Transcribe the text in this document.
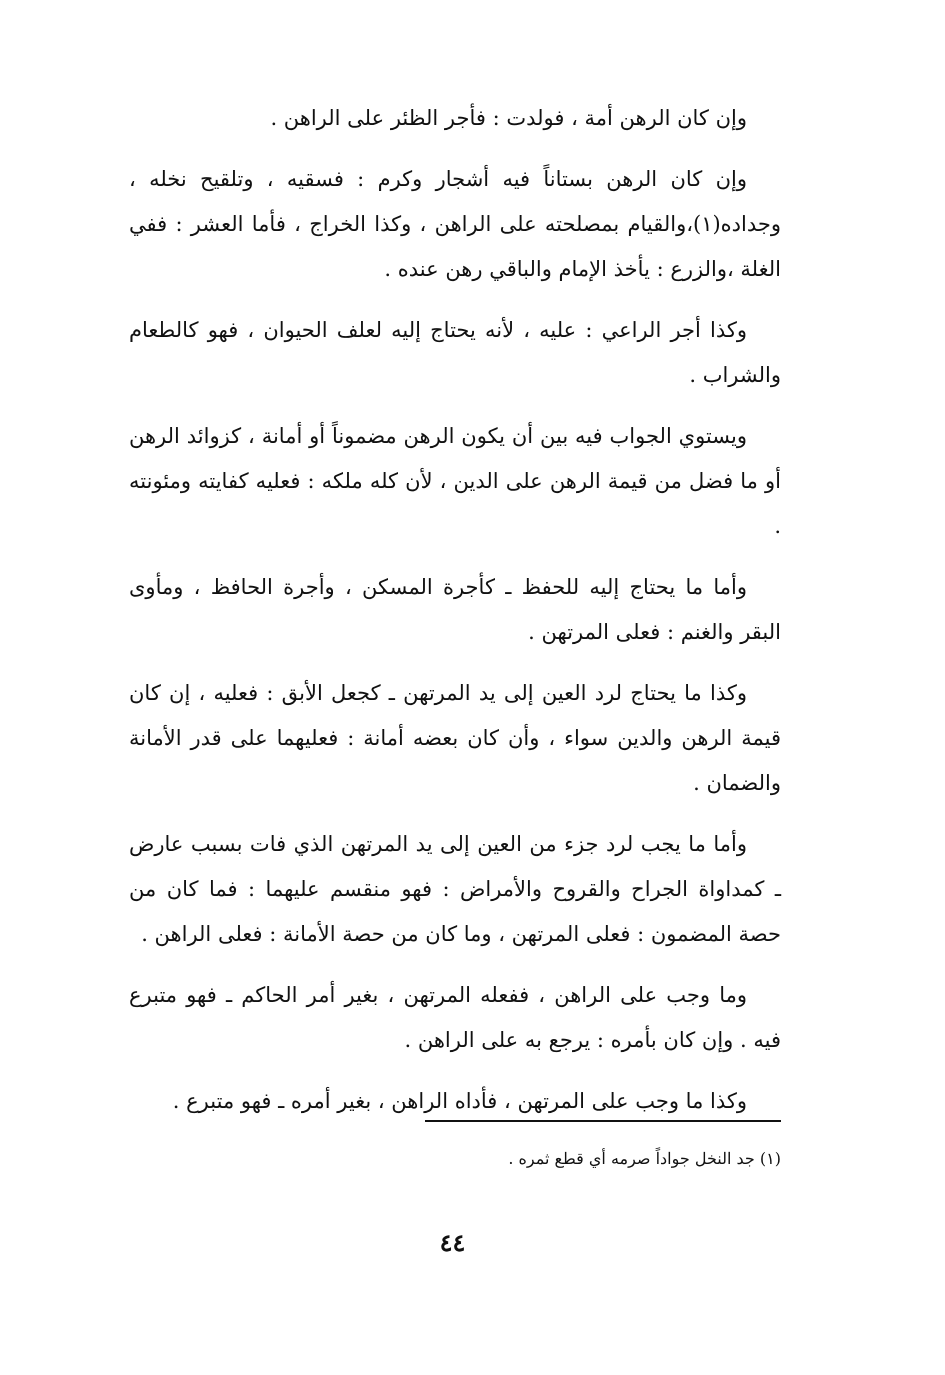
وإن كان الرهن أمة ، فولدت : فأجر الظئر على الراهن .

وإن كان الرهن بستاناً فيه أشجار وكرم : فسقيه ، وتلقيح نخله ، وجداده(١)،والقيام بمصلحته على الراهن ، وكذا الخراج ، فأما العشر : ففي الغلة ،والزرع : يأخذ الإمام والباقي رهن عنده .

وكذا أجر الراعي : عليه ، لأنه يحتاج إليه لعلف الحيوان ، فهو كالطعام والشراب .

ويستوي الجواب فيه بين أن يكون الرهن مضموناً أو أمانة ، كزوائد الرهن أو ما فضل من قيمة الرهن على الدين ، لأن كله ملكه : فعليه كفايته ومئونته .

وأما ما يحتاج إليه للحفظ ـ كأجرة المسكن ، وأجرة الحافظ ، ومأوى البقر والغنم : فعلى المرتهن .

وكذا ما يحتاج لرد العين إلى يد المرتهن ـ كجعل الأبق : فعليه ، إن كان قيمة الرهن والدين سواء ، وأن كان بعضه أمانة : فعليهما على قدر الأمانة والضمان .

وأما ما يجب لرد جزء من العين إلى يد المرتهن الذي فات بسبب عارض ـ كمداواة الجراح والقروح والأمراض : فهو منقسم عليهما : فما كان من حصة المضمون : فعلى المرتهن ، وما كان من حصة الأمانة : فعلى الراهن .

وما وجب على الراهن ، ففعله المرتهن ، بغير أمر الحاكم ـ فهو متبرع فيه . وإن كان بأمره : يرجع به على الراهن .

وكذا ما وجب على المرتهن ، فأداه الراهن ، بغير أمره ـ فهو متبرع .

(١) جد النخل جواداً صرمه أي قطع ثمره .
٤٤
